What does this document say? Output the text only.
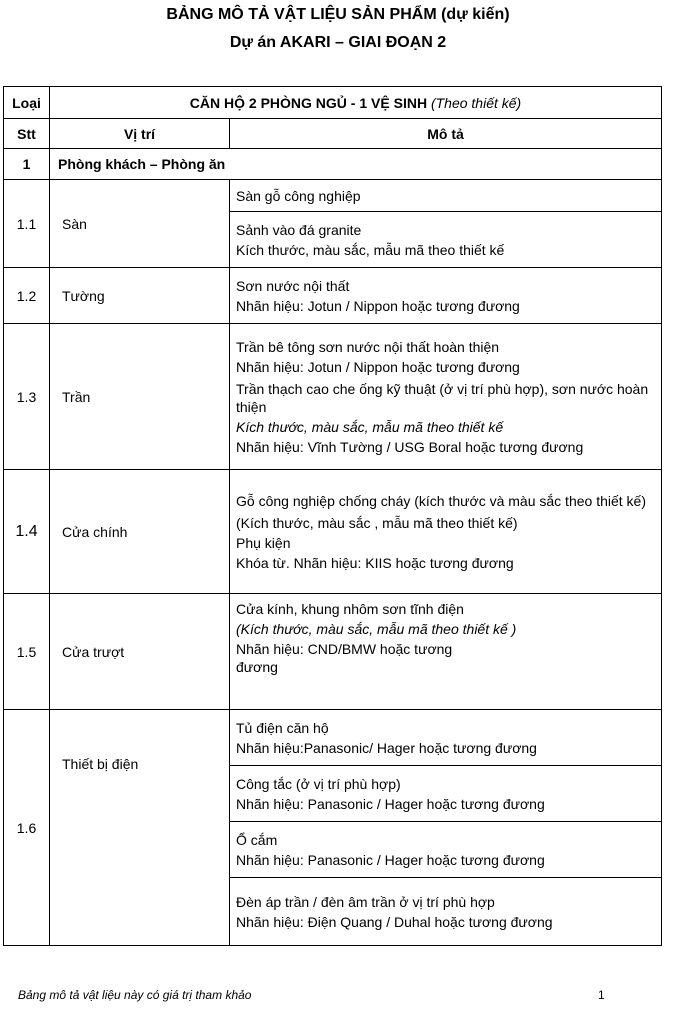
BẢNG MÔ TẢ VẬT LIỆU SẢN PHẨM (dự kiến)
Dự án AKARI – GIAI ĐOẠN 2
Loại	CĂN HỘ 2 PHÒNG NGỦ - 1 VỆ SINH (Theo thiết kế)	
Stt	Vị trí	Mô tả
1	Phòng khách – Phòng ăn	
1.1	Sàn	Sàn gỗ công nghiệp

		Sảnh vào đá granite
Kích thước, màu sắc, mẫu mã theo thiết kế

1.2	Tường	Sơn nước nội thất
Nhãn hiệu: Jotun / Nippon hoặc tương đương

1.3	Trần	Trần bê tông sơn nước nội thất hoàn thiện
Nhãn hiệu: Jotun / Nippon hoặc tương đương
Trần thạch cao che ống kỹ thuật (ở vị trí phù hợp), sơn nước hoàn thiện
Kích thước, màu sắc, mẫu mã theo thiết kế
Nhãn hiệu: Vĩnh Tường / USG Boral hoặc tương đương

1.4	Cửa chính	Gỗ công nghiệp chống cháy (kích thước và màu sắc theo thiết kế)
(Kích thước, màu sắc , mẫu mã theo thiết kế)
Phụ kiện
Khóa từ. Nhãn hiệu: KIIS hoặc tương đương

1.5	Cửa trượt	Cửa kính, khung nhôm sơn tĩnh điện
(Kích thước, màu sắc, mẫu mã theo thiết kế )
Nhãn hiệu: CND/BMW hoặc tương đương

1.6	Thiết bị điện	Tủ điện căn hộ
Nhãn hiệu:Panasonic/ Hager hoặc tương đương

		Công tắc (ở vị trí phù hợp)
Nhãn hiệu: Panasonic / Hager hoặc tương đương

		Ổ cắm
Nhãn hiệu: Panasonic / Hager hoặc tương đương

		Đèn áp trần / đèn âm trần ở vị trí phù hợp
Nhãn hiệu: Điện Quang / Duhal hoặc tương đương
Bảng mô tả vật liệu này có giá trị tham khảo	1
